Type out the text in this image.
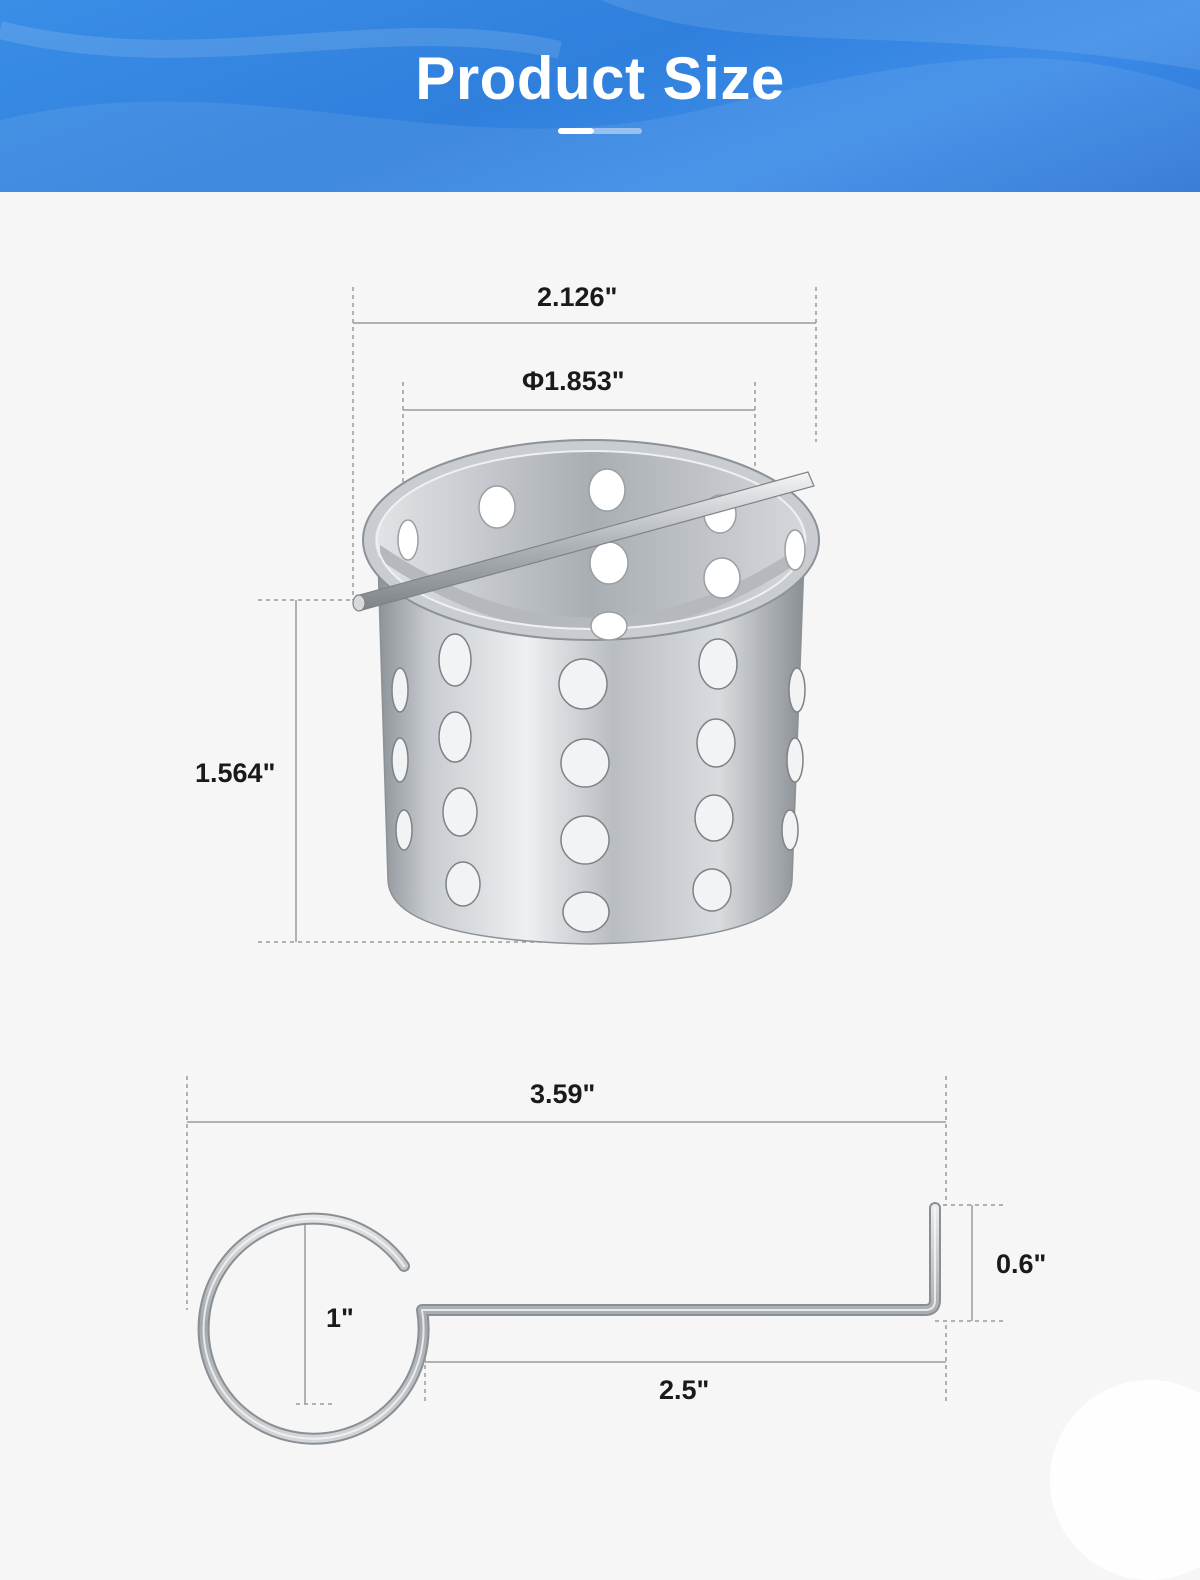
Product Size
2.126"
Φ1.853"
1.564"
3.59"
1"
0.6"
2.5"
